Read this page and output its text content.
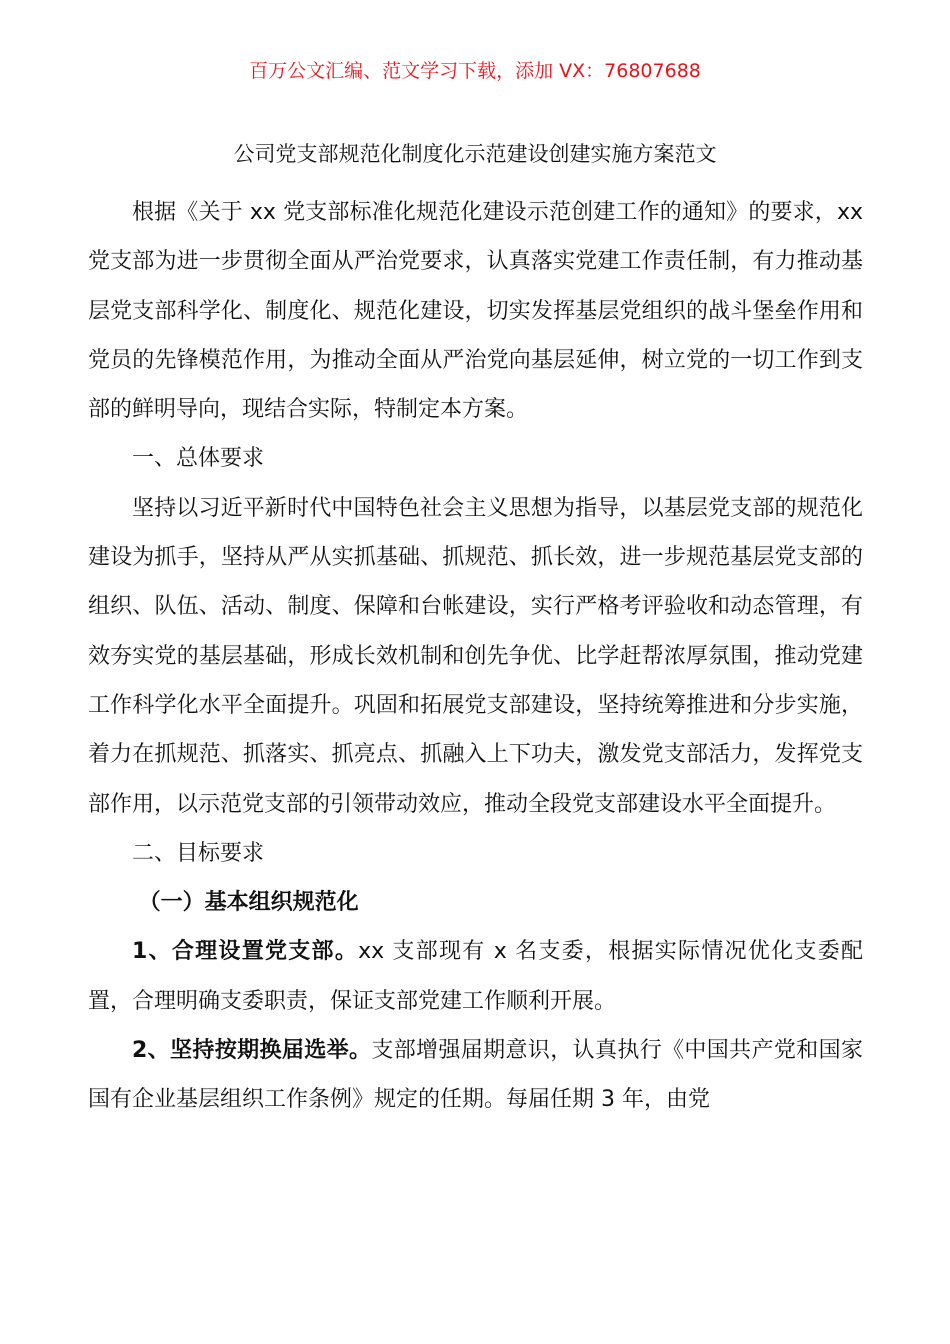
百万公文汇编、范文学习下载，添加 VX：76807688
公司党支部规范化制度化示范建设创建实施方案范文

根据《关于 xx 党支部标准化规范化建设示范创建工作的通知》的要求，xx 党支部为进一步贯彻全面从严治党要求，认真落实党建工作责任制，有力推动基层党支部科学化、制度化、规范化建设，切实发挥基层党组织的战斗堡垒作用和党员的先锋模范作用，为推动全面从严治党向基层延伸，树立党的一切工作到支部的鲜明导向，现结合实际，特制定本方案。

一、总体要求

坚持以习近平新时代中国特色社会主义思想为指导，以基层党支部的规范化建设为抓手，坚持从严从实抓基础、抓规范、抓长效，进一步规范基层党支部的组织、队伍、活动、制度、保障和台帐建设，实行严格考评验收和动态管理，有效夯实党的基层基础，形成长效机制和创先争优、比学赶帮浓厚氛围，推动党建工作科学化水平全面提升。巩固和拓展党支部建设，坚持统筹推进和分步实施，着力在抓规范、抓落实、抓亮点、抓融入上下功夫，激发党支部活力，发挥党支部作用，以示范党支部的引领带动效应，推动全段党支部建设水平全面提升。

二、目标要求

（一）基本组织规范化

1、合理设置党支部。xx 支部现有 x 名支委，根据实际情况优化支委配置，合理明确支委职责，保证支部党建工作顺利开展。

2、坚持按期换届选举。支部增强届期意识，认真执行《中国共产党和国家国有企业基层组织工作条例》规定的任期。每届任期 3 年，由党
